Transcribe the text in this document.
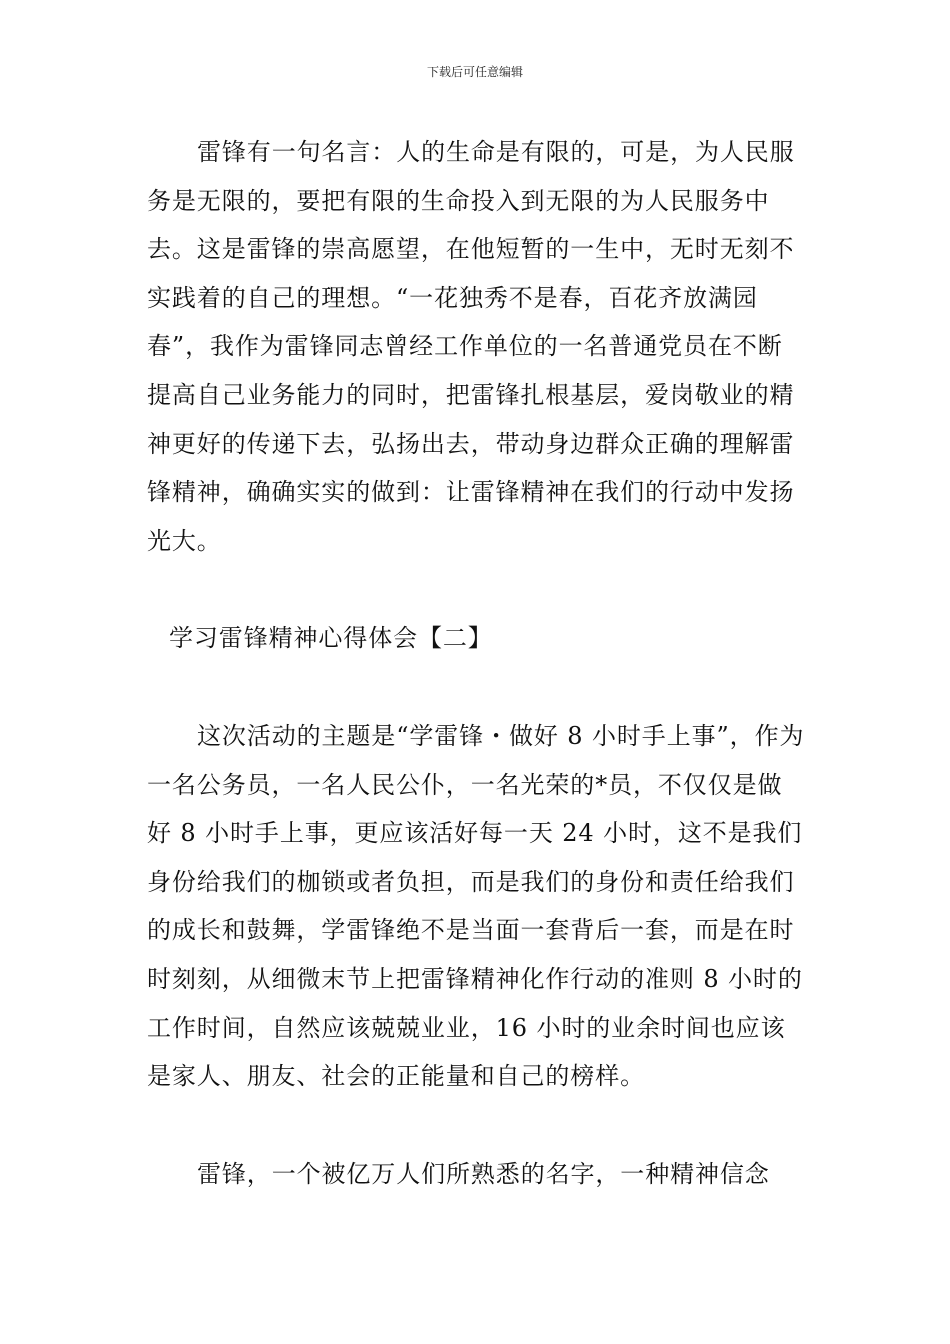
下载后可任意编辑

雷锋有一句名言：人的生命是有限的，可是，为人民服务是无限的，要把有限的生命投入到无限的为人民服务中去。这是雷锋的崇高愿望，在他短暂的一生中，无时无刻不实践着的自己的理想。“一花独秀不是春，百花齐放满园春”，我作为雷锋同志曾经工作单位的一名普通党员在不断提高自己业务能力的同时，把雷锋扎根基层，爱岗敬业的精神更好的传递下去，弘扬出去，带动身边群众正确的理解雷锋精神，确确实实的做到：让雷锋精神在我们的行动中发扬光大。

学习雷锋精神心得体会【二】

这次活动的主题是“学雷锋・做好 8 小时手上事”，作为一名公务员，一名人民公仆，一名光荣的*员，不仅仅是做好 8 小时手上事，更应该活好每一天 24 小时，这不是我们身份给我们的枷锁或者负担，而是我们的身份和责任给我们的成长和鼓舞，学雷锋绝不是当面一套背后一套，而是在时时刻刻，从细微末节上把雷锋精神化作行动的准则 8 小时的工作时间，自然应该兢兢业业，16 小时的业余时间也应该是家人、朋友、社会的正能量和自己的榜样。

雷锋，一个被亿万人们所熟悉的名字，一种精神信念
